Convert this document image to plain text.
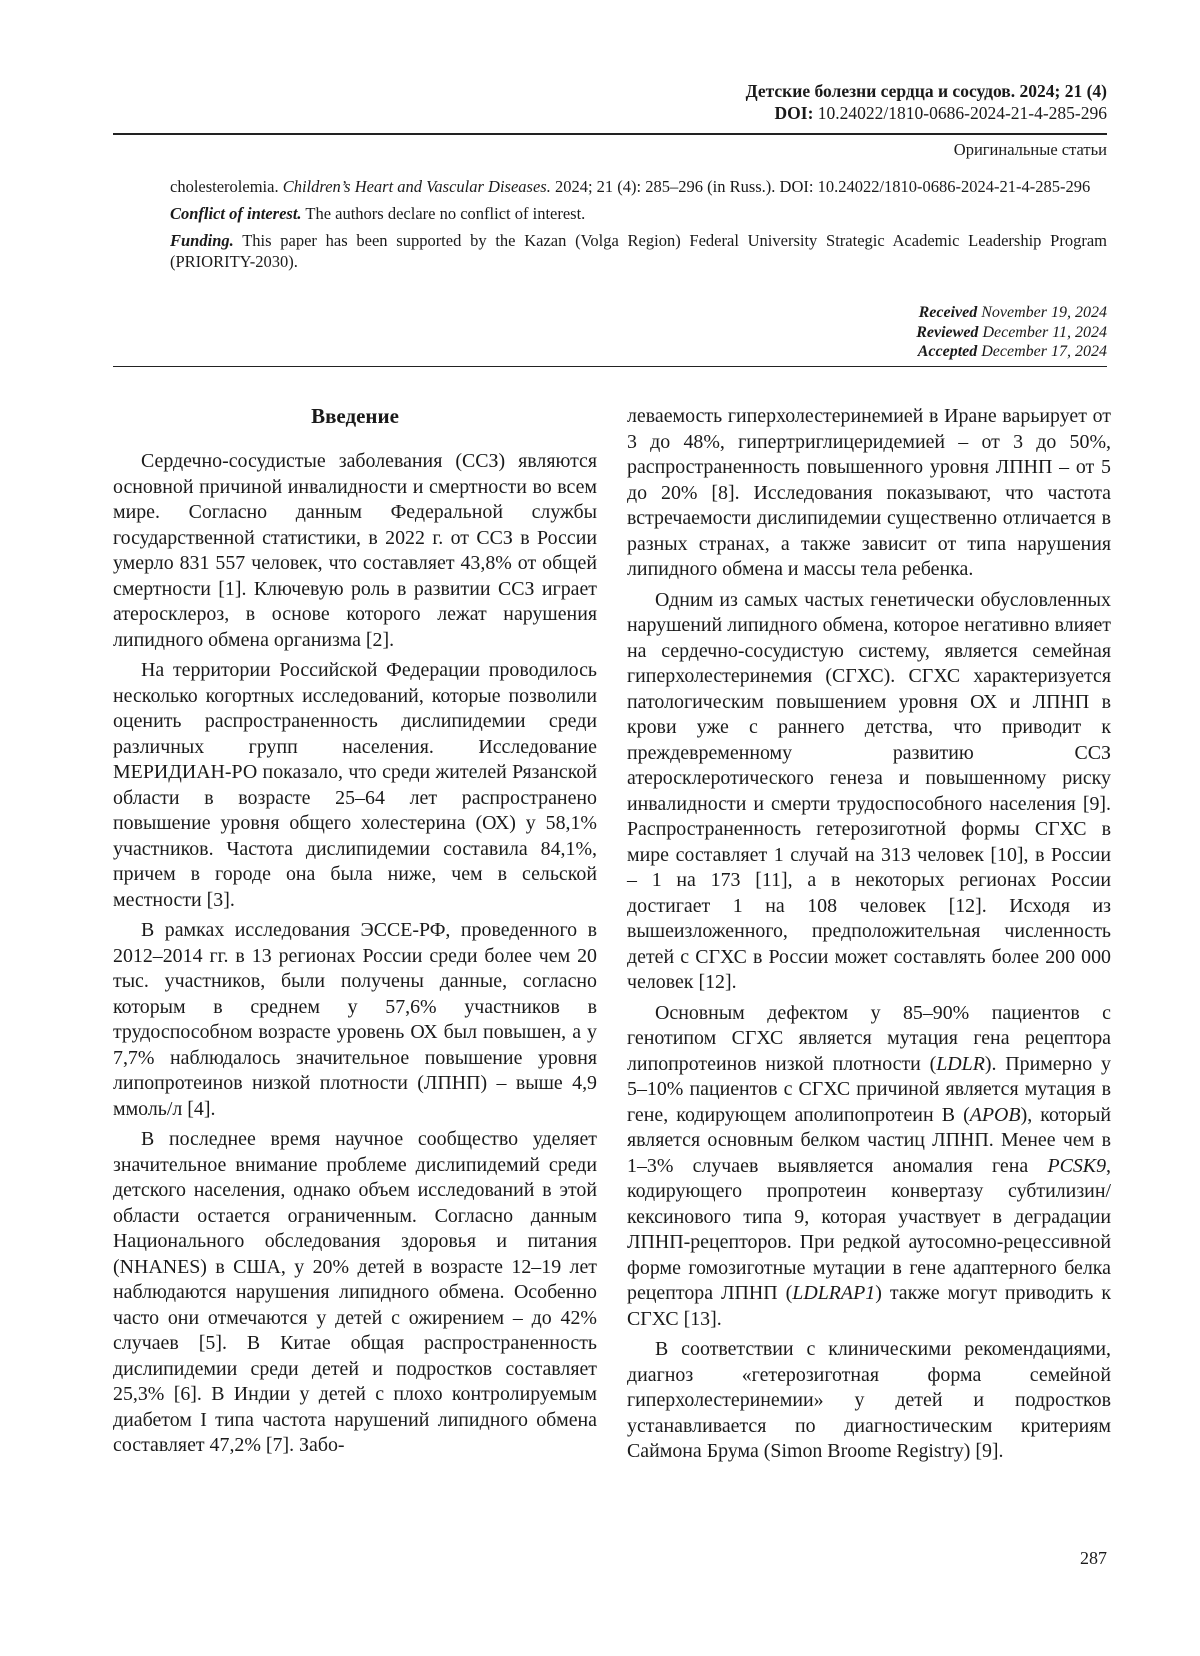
Детские болезни сердца и сосудов. 2024; 21 (4)
DOI: 10.24022/1810-0686-2024-21-4-285-296
Оригинальные статьи

cholesterolemia. Children’s Heart and Vascular Diseases. 2024; 21 (4): 285–296 (in Russ.). DOI: 10.24022/1810-0686-2024-21-4-285-296

Conflict of interest. The authors declare no conflict of interest.

Funding. This paper has been supported by the Kazan (Volga Region) Federal University Strategic Academic Leadership Program (PRIORITY-2030).

Received November 19, 2024
Reviewed December 11, 2024
Accepted December 17, 2024
Введение

Сердечно-сосудистые заболевания (ССЗ) являются основной причиной инвалидности и смертности во всем мире. Согласно данным Федеральной службы государственной статистики, в 2022 г. от ССЗ в России умерло 831 557 человек, что составляет 43,8% от общей смертности [1]. Ключевую роль в развитии ССЗ играет атеросклероз, в основе которого лежат нарушения липидного обмена организма [2].

На территории Российской Федерации проводилось несколько когортных исследований, которые позволили оценить распространенность дислипидемии среди различных групп населения. Исследование МЕРИДИАН-РО показало, что среди жителей Рязанской области в возрасте 25–64 лет распространено повышение уровня общего холестерина (ОХ) у 58,1% участников. Частота дислипидемии составила 84,1%, причем в городе она была ниже, чем в сельской местности [3].

В рамках исследования ЭССЕ-РФ, проведенного в 2012–2014 гг. в 13 регионах России среди более чем 20 тыс. участников, были получены данные, согласно которым в среднем у 57,6% участников в трудоспособном возрасте уровень ОХ был повышен, а у 7,7% наблюдалось значительное повышение уровня липопротеинов низкой плотности (ЛПНП) – выше 4,9 ммоль/л [4].

В последнее время научное сообщество уделяет значительное внимание проблеме дислипидемий среди детского населения, однако объем исследований в этой области остается ограниченным. Согласно данным Национального обследования здоровья и питания (NHANES) в США, у 20% детей в возрасте 12–19 лет наблюдаются нарушения липидного обмена. Особенно часто они отмечаются у детей с ожирением – до 42% случаев [5]. В Китае общая распространенность дислипидемии среди детей и подростков составляет 25,3% [6]. В Индии у детей с плохо контролируемым диабетом I типа частота нарушений липидного обмена составляет 47,2% [7]. Забо-

леваемость гиперхолестеринемией в Иране варьирует от 3 до 48%, гипертриглицеридемией – от 3 до 50%, распространенность повышенного уровня ЛПНП – от 5 до 20% [8]. Исследования показывают, что частота встречаемости дислипидемии существенно отличается в разных странах, а также зависит от типа нарушения липидного обмена и массы тела ребенка.

Одним из самых частых генетически обусловленных нарушений липидного обмена, которое негативно влияет на сердечно-сосудистую систему, является семейная гиперхолестеринемия (СГХС). СГХС характеризуется патологическим повышением уровня ОХ и ЛПНП в крови уже с раннего детства, что приводит к преждевременному развитию ССЗ атеросклеротического генеза и повышенному риску инвалидности и смерти трудоспособного населения [9]. Распространенность гетерозиготной формы СГХС в мире составляет 1 случай на 313 человек [10], в России – 1 на 173 [11], а в некоторых регионах России достигает 1 на 108 человек [12]. Исходя из вышеизложенного, предположительная численность детей с СГХС в России может составлять более 200 000 человек [12].

Основным дефектом у 85–90% пациентов с генотипом СГХС является мутация гена рецептора липопротеинов низкой плотности (LDLR). Примерно у 5–10% пациентов с СГХС причиной является мутация в гене, кодирующем аполипопротеин B (APOB), который является основным белком частиц ЛПНП. Менее чем в 1–3% случаев выявляется аномалия гена PCSK9, кодирующего пропротеин конвертазу субтилизин/кексинового типа 9, которая участвует в деградации ЛПНП-рецепторов. При редкой аутосомно-рецессивной форме гомозиготные мутации в гене адаптерного белка рецептора ЛПНП (LDLRAP1) также могут приводить к СГХС [13].

В соответствии с клиническими рекомендациями, диагноз «гетерозиготная форма семейной гиперхолестеринемии» у детей и подростков устанавливается по диагностическим критериям Саймона Брума (Simon Broome Registry) [9].

287
